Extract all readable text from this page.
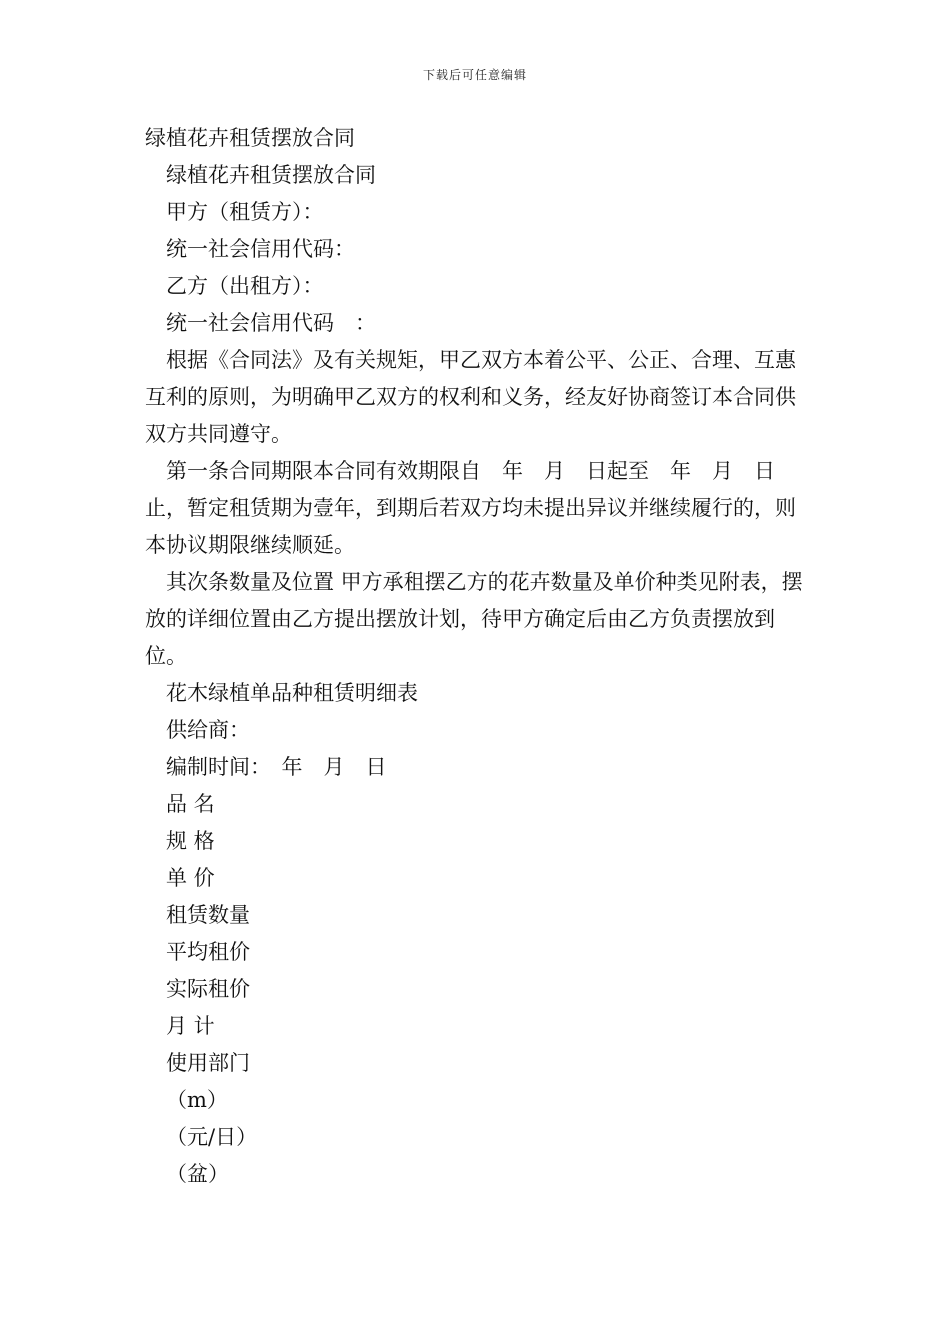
下载后可任意编辑
绿植花卉租赁摆放合同
绿植花卉租赁摆放合同
甲方（租赁方）：
统一社会信用代码：
乙方（出租方）：
统一社会信用代码　：
根据《合同法》及有关规矩，甲乙双方本着公平、公正、合理、互惠互利的原则，为明确甲乙双方的权利和义务，经友好协商签订本合同供双方共同遵守。
第一条合同期限本合同有效期限自　年　月　日起至　年　月　日止，暂定租赁期为壹年，到期后若双方均未提出异议并继续履行的，则本协议期限继续顺延。
其次条数量及位置 甲方承租摆乙方的花卉数量及单价种类见附表，摆放的详细位置由乙方提出摆放计划，待甲方确定后由乙方负责摆放到位。
花木绿植单品种租赁明细表
供给商：
编制时间：　年　月　日
品 名
规 格
单 价
租赁数量
平均租价
实际租价
月 计
使用部门
（m）
（元/日）
（盆）
